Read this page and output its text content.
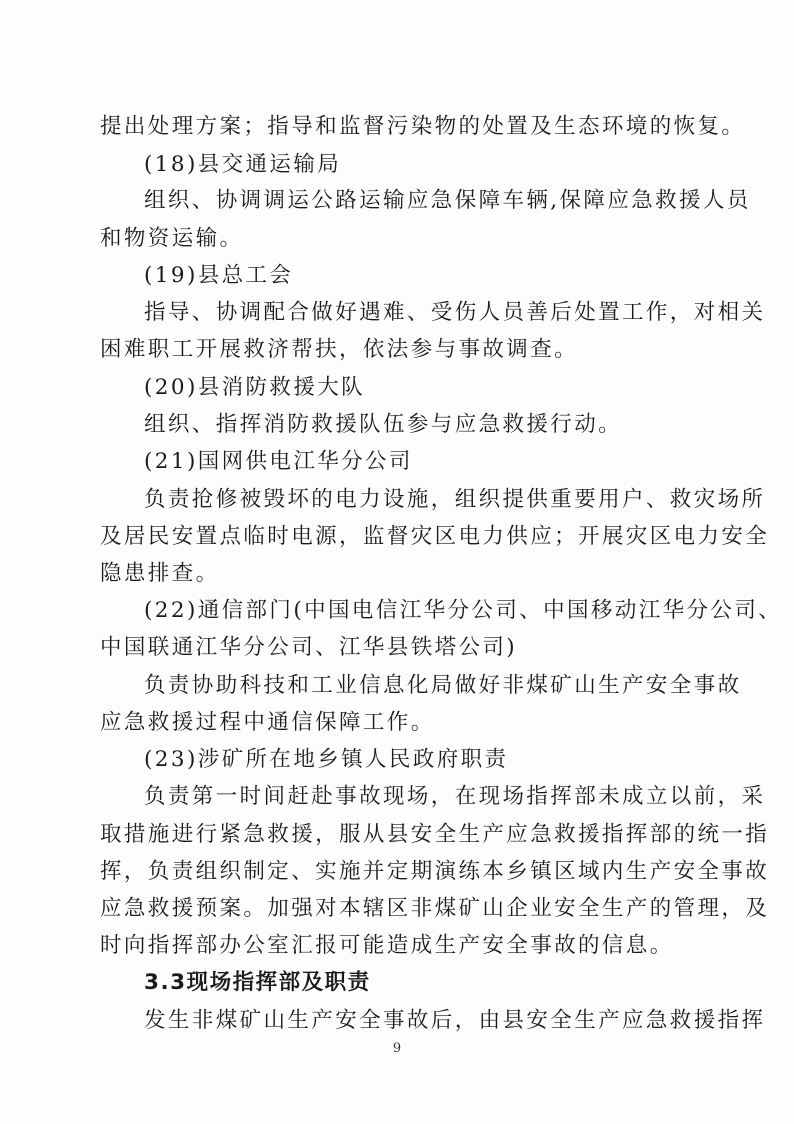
提出处理方案；指导和监督污染物的处置及生态环境的恢复。
(18)县交通运输局
组织、协调调运公路运输应急保障车辆,保障应急救援人员
和物资运输。
(19)县总工会
指导、协调配合做好遇难、受伤人员善后处置工作，对相关
困难职工开展救济帮扶，依法参与事故调查。
(20)县消防救援大队
组织、指挥消防救援队伍参与应急救援行动。
(21)国网供电江华分公司
负责抢修被毁坏的电力设施，组织提供重要用户、救灾场所
及居民安置点临时电源，监督灾区电力供应；开展灾区电力安全
隐患排查。
(22)通信部门(中国电信江华分公司、中国移动江华分公司、
中国联通江华分公司、江华县铁塔公司)
负责协助科技和工业信息化局做好非煤矿山生产安全事故
应急救援过程中通信保障工作。
(23)涉矿所在地乡镇人民政府职责
负责第一时间赶赴事故现场，在现场指挥部未成立以前，采
取措施进行紧急救援，服从县安全生产应急救援指挥部的统一指
挥，负责组织制定、实施并定期演练本乡镇区域内生产安全事故
应急救援预案。加强对本辖区非煤矿山企业安全生产的管理，及
时向指挥部办公室汇报可能造成生产安全事故的信息。
3.3现场指挥部及职责
发生非煤矿山生产安全事故后，由县安全生产应急救援指挥
9
